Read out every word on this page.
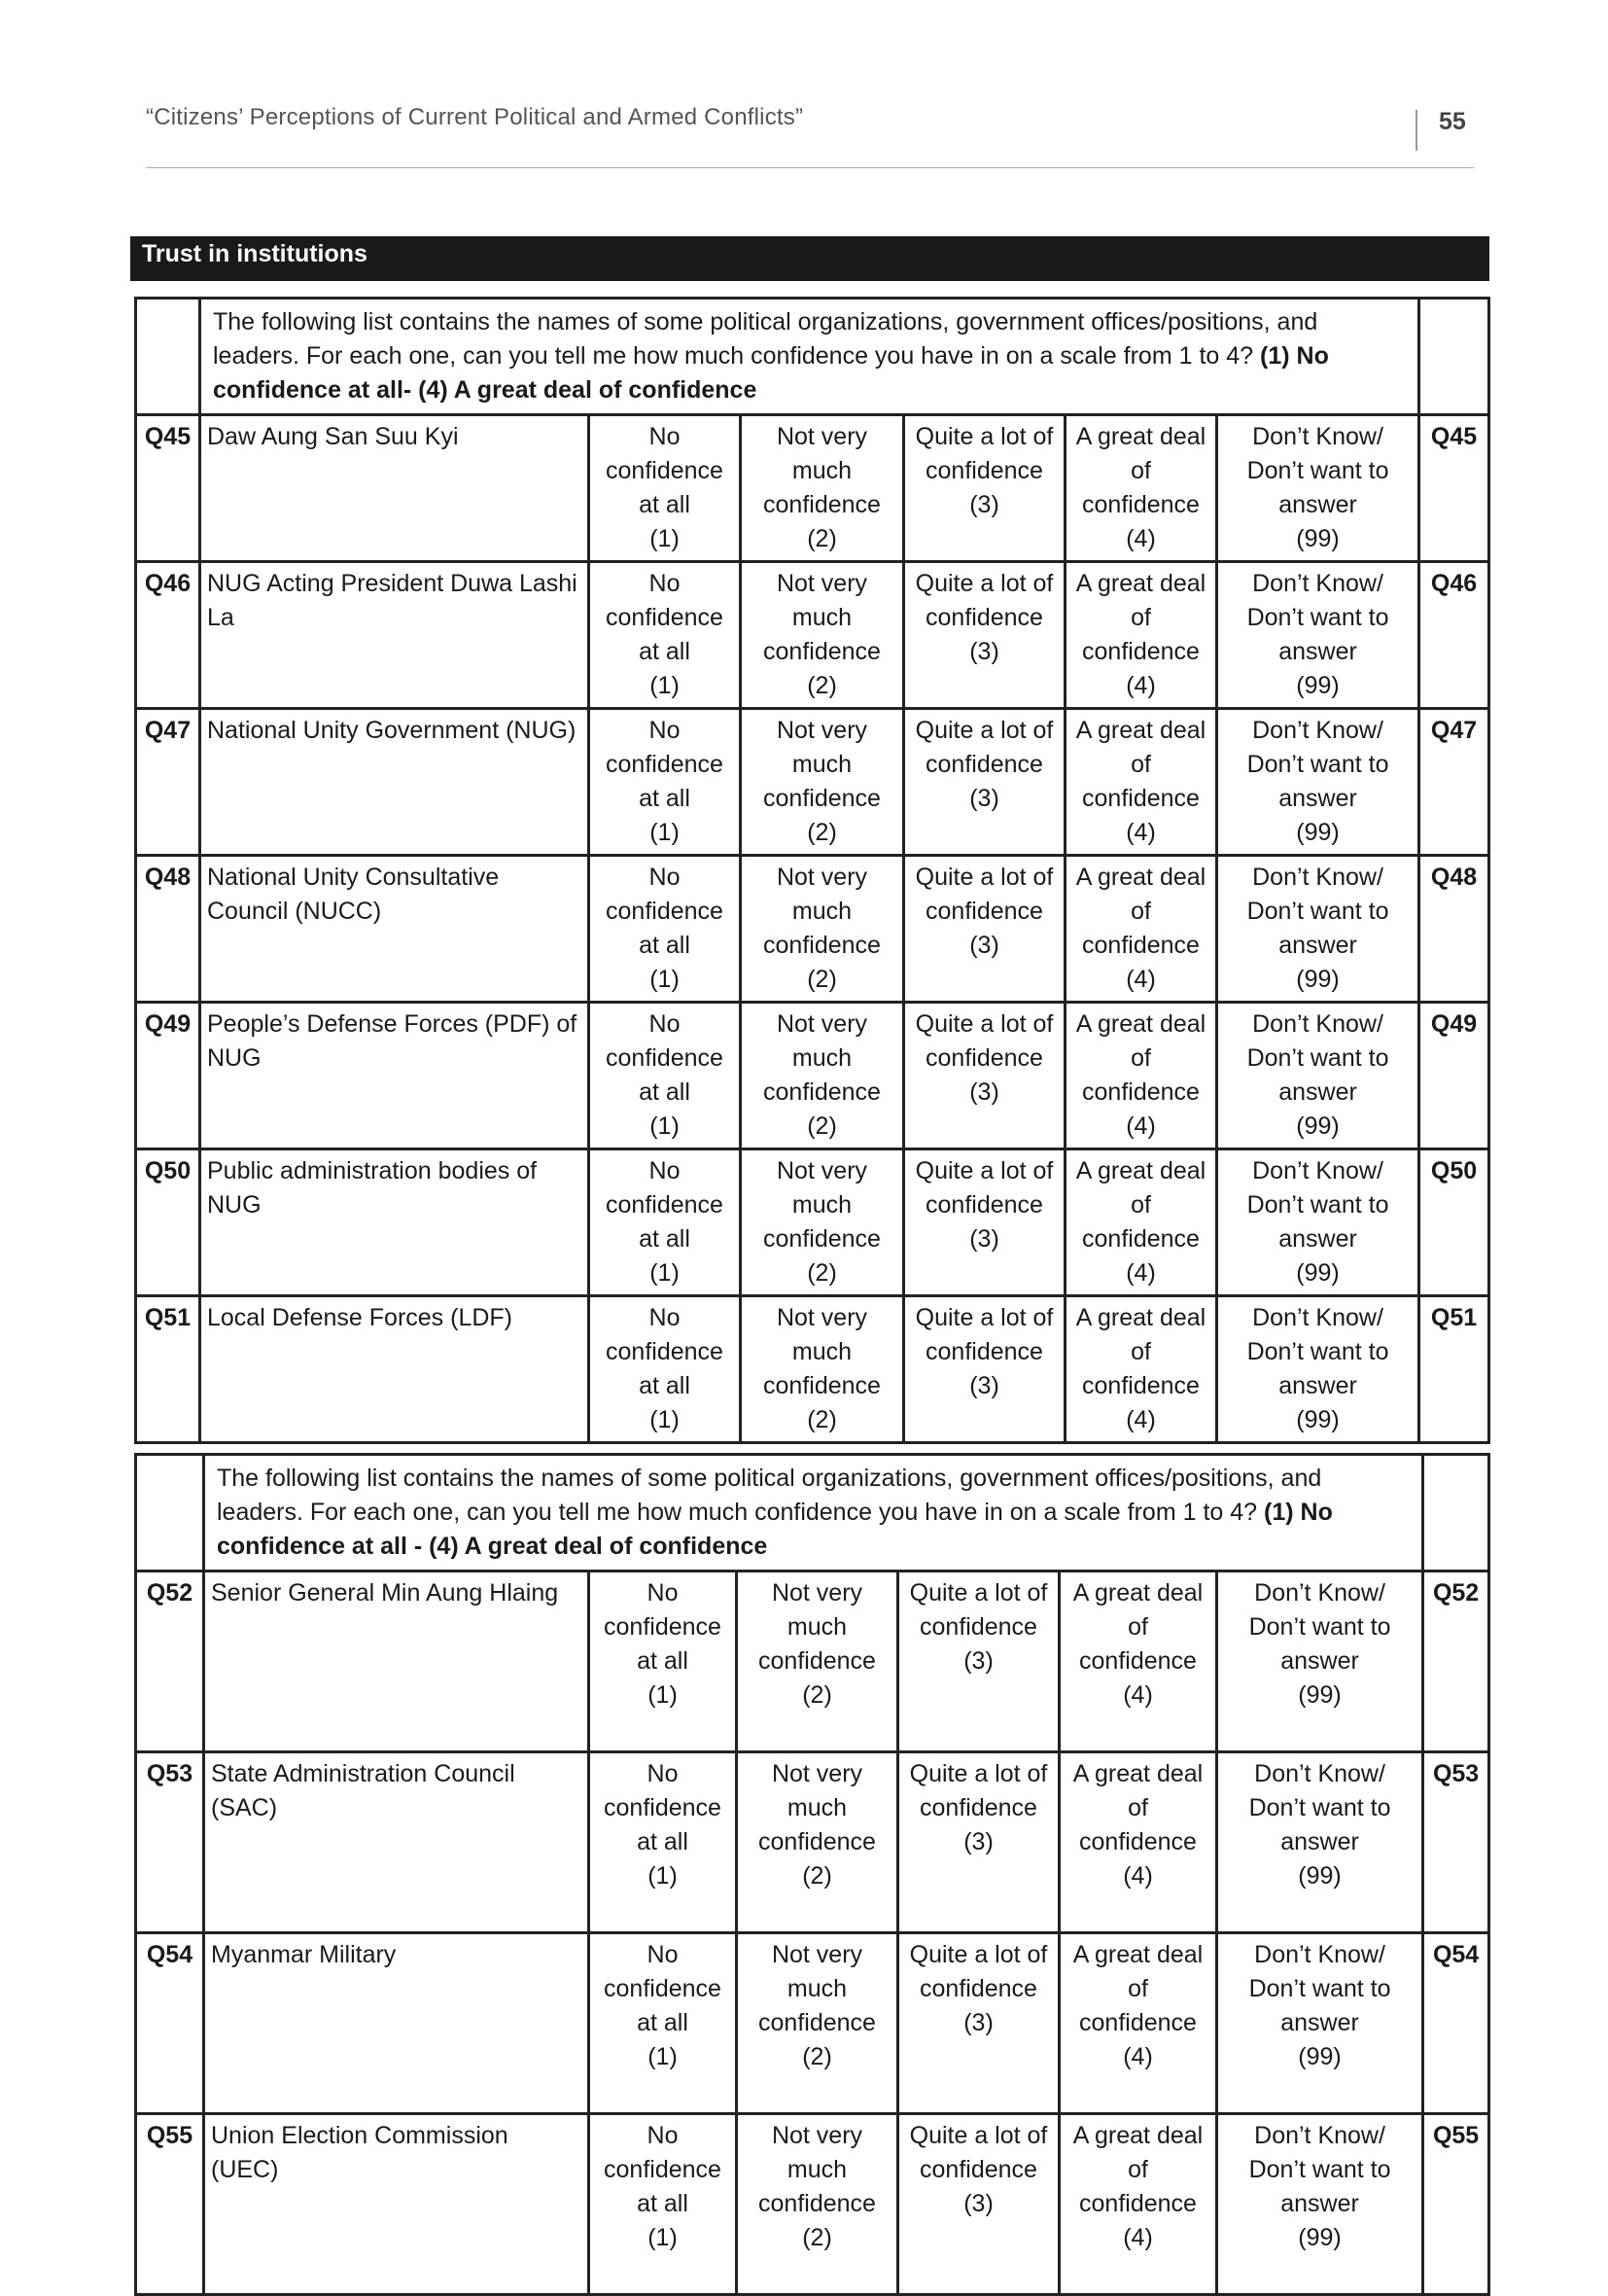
“Citizens’ Perceptions of Current Political and Armed Conflicts”	55
Trust in institutions
	The following list contains the names of some political organizations, government offices/positions, and leaders. For each one, can you tell me how much confidence you have in on a scale from 1 to 4? (1) No confidence at all- (4) A great deal of confidence						
Q45	Daw Aung San Suu Kyi	No
confidence
at all
(1)	Not very
much
confidence
(2)	Quite a lot of
confidence
(3)	A great deal
of
confidence
(4)	Don’t Know/
Don’t want to
answer
(99)	Q45
Q46	NUG Acting President Duwa Lashi La	No
confidence
at all
(1)	Not very
much
confidence
(2)	Quite a lot of
confidence
(3)	A great deal
of
confidence
(4)	Don’t Know/
Don’t want to
answer
(99)	Q46
Q47	National Unity Government (NUG)	No
confidence
at all
(1)	Not very
much
confidence
(2)	Quite a lot of
confidence
(3)	A great deal
of
confidence
(4)	Don’t Know/
Don’t want to
answer
(99)	Q47
Q48	National Unity Consultative Council (NUCC)	No
confidence
at all
(1)	Not very
much
confidence
(2)	Quite a lot of
confidence
(3)	A great deal
of
confidence
(4)	Don’t Know/
Don’t want to
answer
(99)	Q48
Q49	People’s Defense Forces (PDF) of NUG	No
confidence
at all
(1)	Not very
much
confidence
(2)	Quite a lot of
confidence
(3)	A great deal
of
confidence
(4)	Don’t Know/
Don’t want to
answer
(99)	Q49
Q50	Public administration bodies of NUG	No
confidence
at all
(1)	Not very
much
confidence
(2)	Quite a lot of
confidence
(3)	A great deal
of
confidence
(4)	Don’t Know/
Don’t want to
answer
(99)	Q50
Q51	Local Defense Forces (LDF)	No
confidence
at all
(1)	Not very
much
confidence
(2)	Quite a lot of
confidence
(3)	A great deal
of
confidence
(4)	Don’t Know/
Don’t want to
answer
(99)	Q51
	The following list contains the names of some political organizations, government offices/positions, and leaders. For each one, can you tell me how much confidence you have in on a scale from 1 to 4? (1) No confidence at all - (4) A great deal of confidence						
Q52	Senior General Min Aung Hlaing	No
confidence
at all
(1)	Not very
much
confidence
(2)	Quite a lot of
confidence
(3)	A great deal
of confidence
(4)	Don’t Know/
Don’t want to
answer
(99)	Q52
Q53	State Administration Council (SAC)	No
confidence
at all
(1)	Not very
much
confidence
(2)	Quite a lot of
confidence
(3)	A great deal
of confidence
(4)	Don’t Know/
Don’t want to
answer
(99)	Q53
Q54	Myanmar Military	No
confidence
at all
(1)	Not very
much
confidence
(2)	Quite a lot of
confidence
(3)	A great deal
of confidence
(4)	Don’t Know/
Don’t want to
answer
(99)	Q54
Q55	Union Election Commission (UEC)	No
confidence
at all
(1)	Not very
much
confidence
(2)	Quite a lot of
confidence
(3)	A great deal
of confidence
(4)	Don’t Know/
Don’t want to
answer
(99)	Q55
